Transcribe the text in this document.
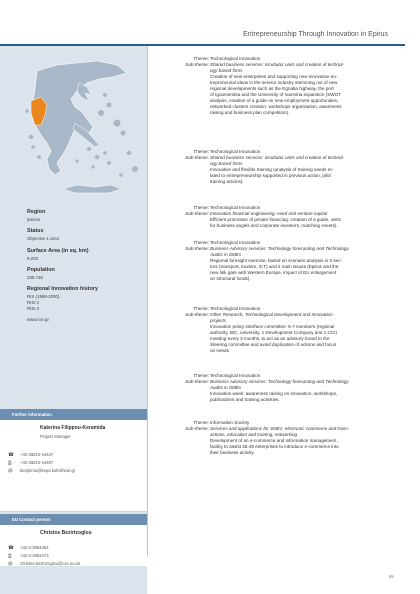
Entrepreneurship Through Innovation in Epirus
Region
Ipeiros
Status
Objective 1 area
Surface Area (in sq. km)
9.203
Population
339.728
Regional Innovation history
RIS (1998-2000)
RISI 1
RISI 2
www.roe.gr
Further information
Katerina Filippou-Keramida
Project Manager
☎ +30-26510-44447
⎙ +30-26510-44487
@ biorpiirou@kepa.kuforthnet.gr
EU Contact person
Christos Bezirtzoglou
☎ +32-2-2994454
⎙ +32-2-2962473
@ christos.bezirtzoglou@cec.eu.int
Theme: Technological Innovation
Sub-theme: Shared business services: incubator units and creation of technol-
ogy based firms
Creation of new enterprises and supporting new innovative en-
trepreneurial ideas in the service industry stemming out of new
regional developments such as the Egnatia highway, the port
of Igoumenitsa and the University of Ioannina expansion (SWOT
analysis, creation of a guide on new employment opportunities,
networked clusters creation, workshops organisation, awareness
raising and business plan competition).
Theme: Technological Innovation
Sub-theme: Shared business services: incubator units and creation of technol-
ogy based firms
Innovative and flexible training (analysis of training needs re-
lated to entrepreneurship supported in previous action, pilot
training actions).
Theme: Technological Innovation
Sub-theme: Innovation financial engineering: seed and venture capital
Efficient promotion of private financing: creation of a guide, visits
for business angels and corporate investors, matching events).
Theme: Technological Innovation
Sub-theme: Business Advisory services: Technology forecasting and Technology
Audits in SMEs
Regional foresight exercise, based on scenario analysis in 3 sec-
tors (transport, tourism, ICT) and 2 main issues (Epirus and the
new link gate with Western Europe, impact of EU enlargement
on structural funds).
Theme: Technological Innovation
Sub-theme: Other Research, Technological Development and Innovation
projects
Innovation policy interface committee: 5-7 members (regional
authority, BIC, university, 1 Development Company and 1 CCI)
meeting every 3 months, to act as an advisory board to the
Steering committee and avoid duplication of actions and focus
on needs.
Theme: Technological Innovation
Sub-theme: Business Advisory services: Technology forecasting and Technology
Audits in SMEs
Innovation week: awareness raising on innovation, workshops,
publications and training activities.
Theme: Information Society
Sub-theme: Services and applications for SMEs: electronic commerce and trans-
actions, education and training, networking
Development of an e-commerce and information management
facility to assist 35-49 enterprises to introduce e-commerce into
their business activity.
65
